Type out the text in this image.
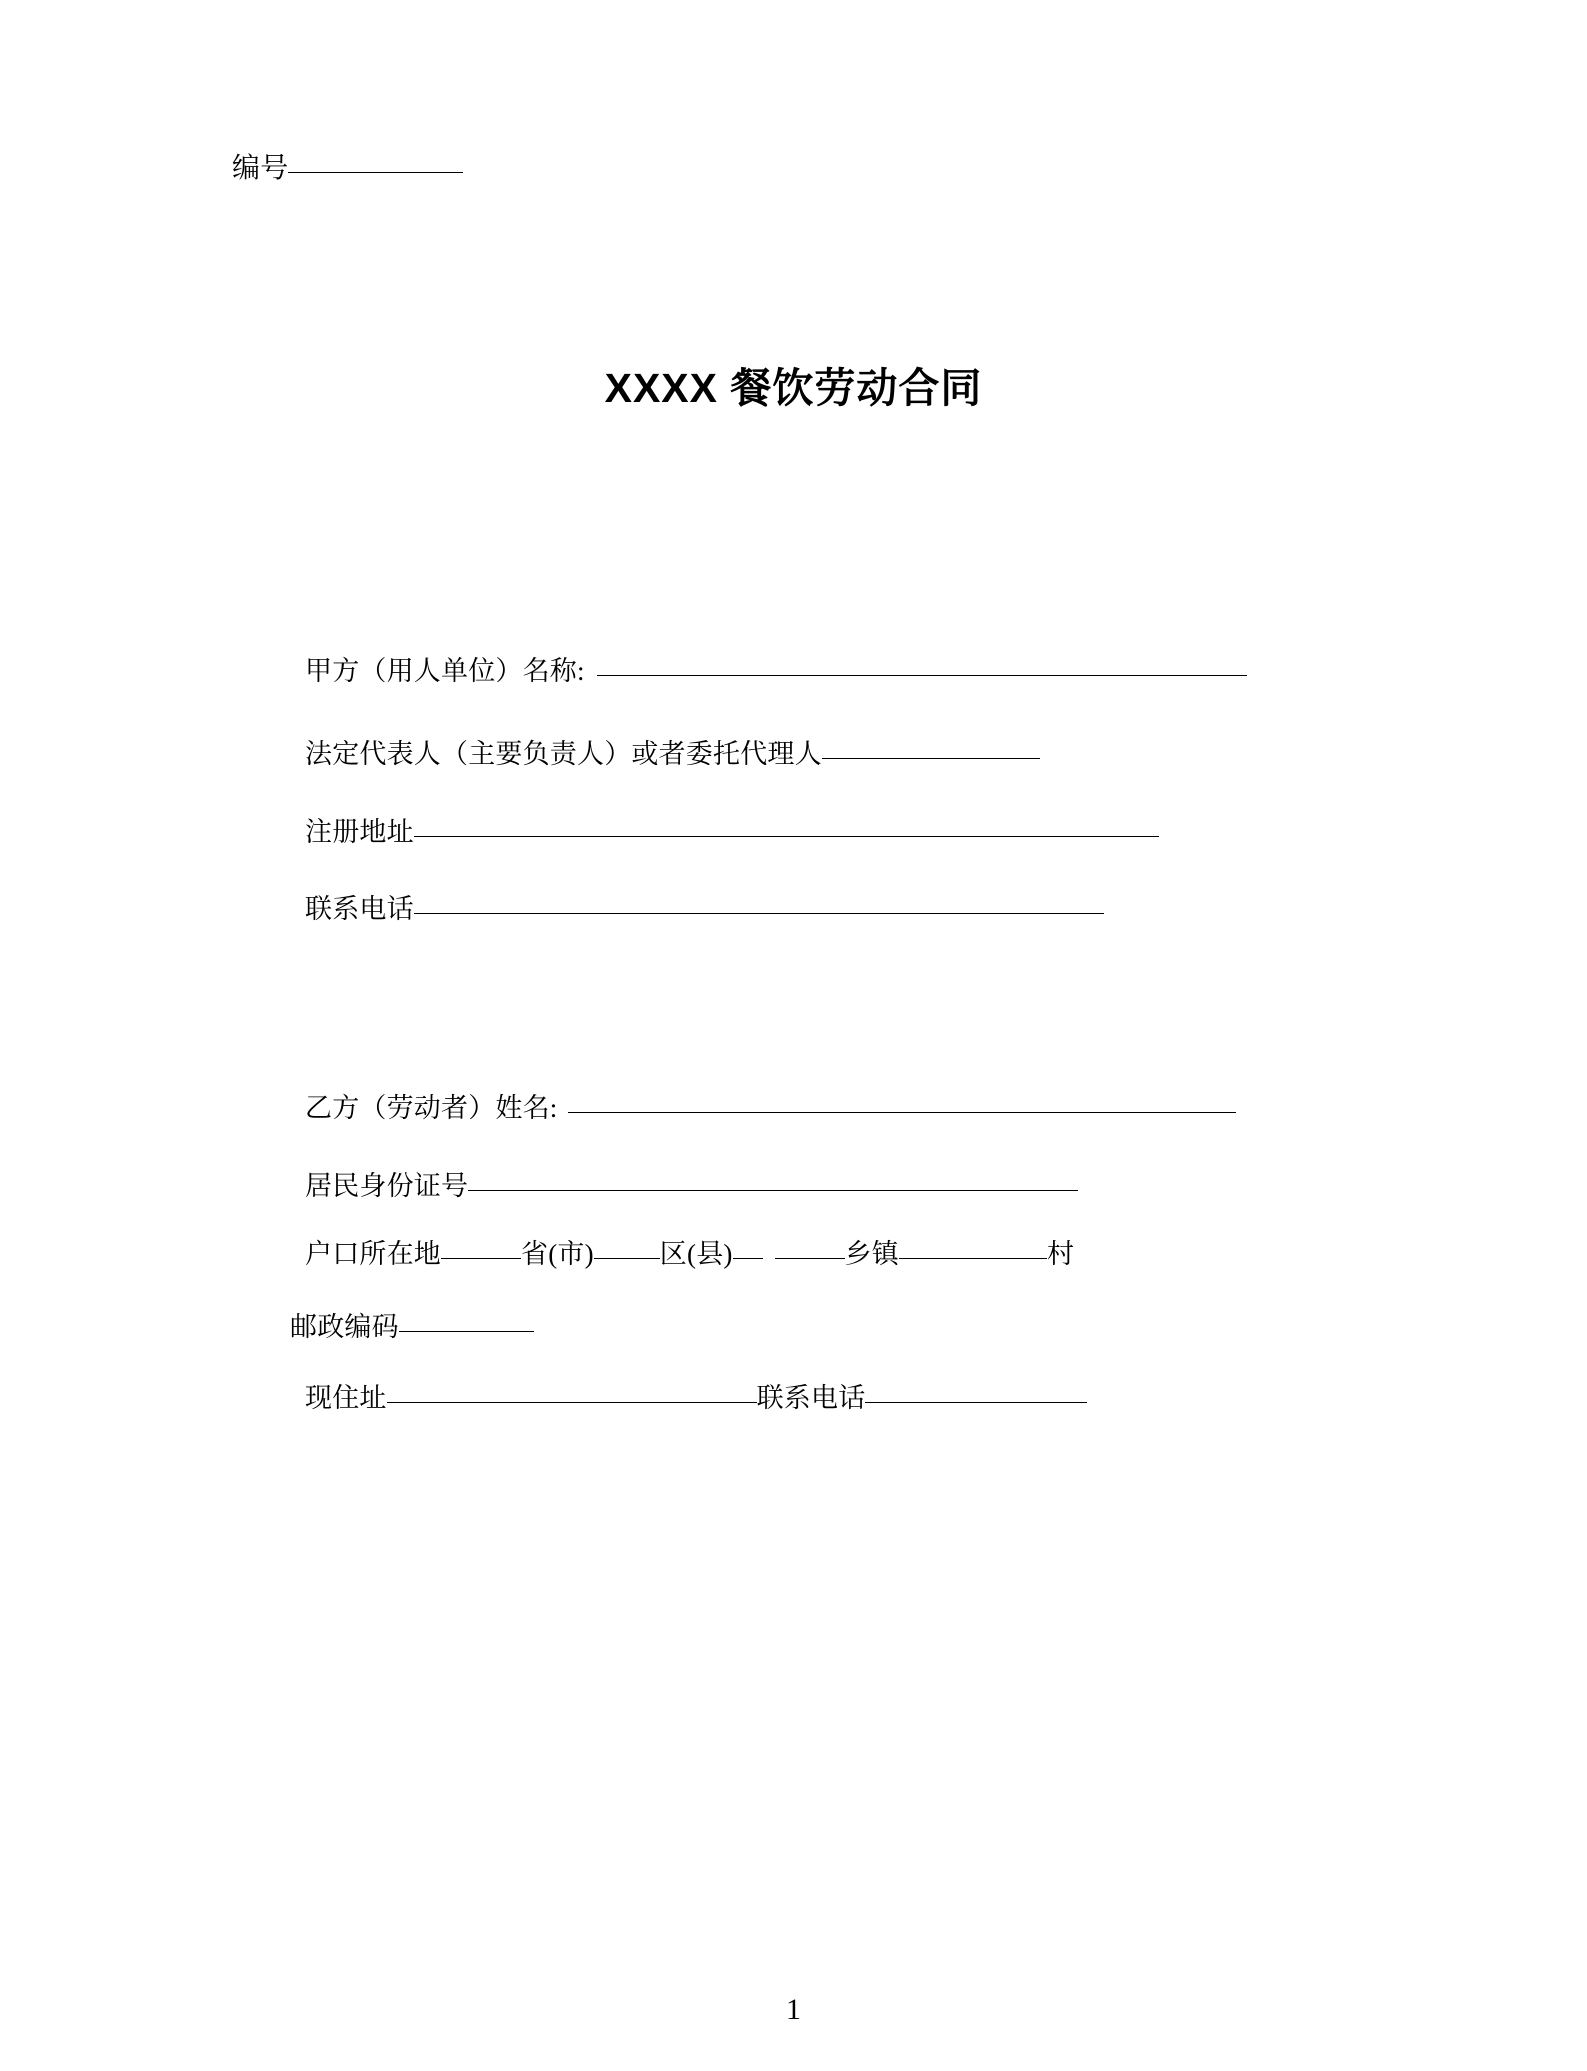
编号
XXXX 餐饮劳动合同
甲方（用人单位）名称:
法定代表人（主要负责人）或者委托代理人
注册地址
联系电话
乙方（劳动者）姓名:
居民身份证号
户口所在地	省(市) 区(县)	乡镇	村
邮政编码
现住址	联系电话
1
